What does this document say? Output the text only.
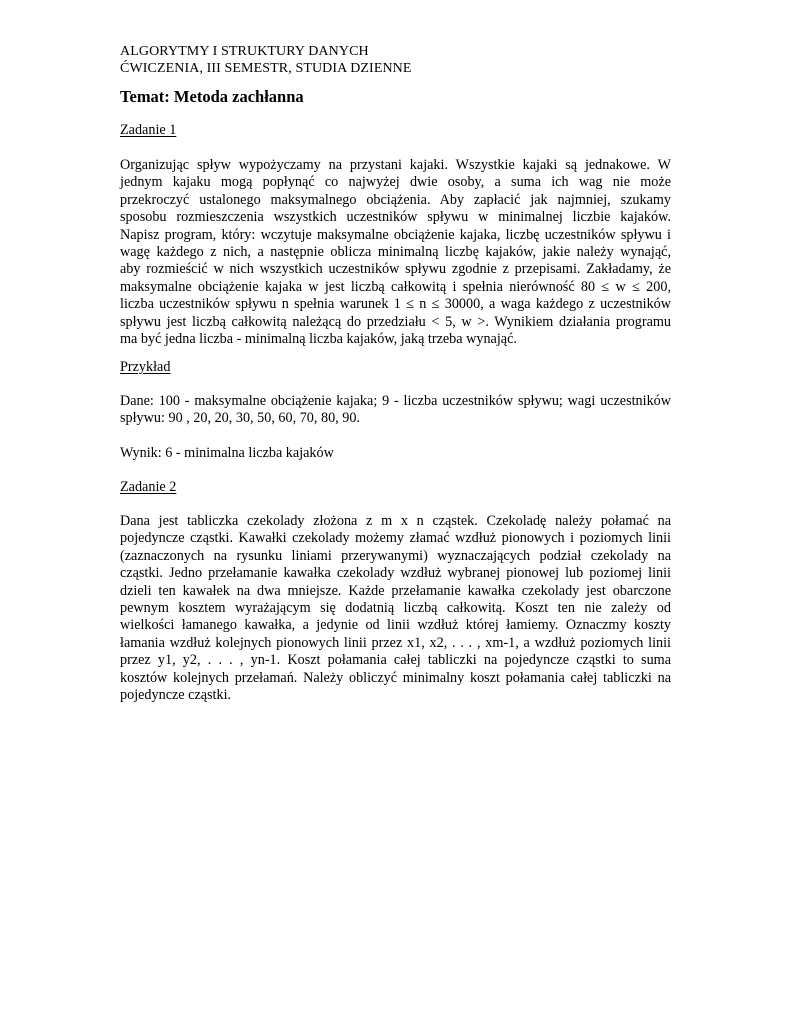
ALGORYTMY I STRUKTURY DANYCH
ĆWICZENIA, III SEMESTR, STUDIA DZIENNE
Temat: Metoda zachłanna
Zadanie 1
Organizując spływ wypożyczamy na przystani kajaki. Wszystkie kajaki są jednakowe. W
jednym kajaku mogą popłynąć co najwyżej dwie osoby, a suma ich wag nie może
przekroczyć ustalonego maksymalnego obciążenia. Aby zapłacić jak najmniej, szukamy
sposobu rozmieszczenia wszystkich uczestników spływu w minimalnej liczbie kajaków.
Napisz program, który: wczytuje maksymalne obciążenie kajaka, liczbę uczestników spływu i
wagę każdego z nich, a następnie oblicza minimalną liczbę kajaków, jakie należy wynająć,
aby rozmieścić w nich wszystkich uczestników spływu zgodnie z przepisami. Zakładamy, że
maksymalne obciążenie kajaka w jest liczbą całkowitą i spełnia nierówność 80 ≤ w ≤ 200,
liczba uczestników spływu n spełnia warunek 1 ≤ n ≤ 30000, a waga każdego z uczestników
spływu jest liczbą całkowitą należącą do przedziału < 5, w >. Wynikiem działania programu
ma być jedna liczba - minimalną liczba kajaków, jaką trzeba wynająć.
Przykład
Dane: 100 - maksymalne obciążenie kajaka; 9 - liczba uczestników spływu; wagi uczestników
spływu: 90 , 20, 20, 30, 50, 60, 70, 80, 90.
Wynik: 6 - minimalna liczba kajaków
Zadanie 2
Dana jest tabliczka czekolady złożona z m x n cząstek. Czekoladę należy połamać na
pojedyncze cząstki. Kawałki czekolady możemy złamać wzdłuż pionowych i poziomych linii
(zaznaczonych na rysunku liniami przerywanymi) wyznaczających podział czekolady na
cząstki. Jedno przełamanie kawałka czekolady wzdłuż wybranej pionowej lub poziomej linii
dzieli ten kawałek na dwa mniejsze. Każde przełamanie kawałka czekolady jest obarczone
pewnym kosztem wyrażającym się dodatnią liczbą całkowitą. Koszt ten nie zależy od
wielkości łamanego kawałka, a jedynie od linii wzdłuż której łamiemy. Oznaczmy koszty
łamania wzdłuż kolejnych pionowych linii przez x1, x2, . . . , xm-1, a wzdłuż poziomych linii
przez y1, y2, . . . , yn-1. Koszt połamania całej tabliczki na pojedyncze cząstki to suma
kosztów kolejnych przełamań. Należy obliczyć minimalny koszt połamania całej tabliczki na
pojedyncze cząstki.
